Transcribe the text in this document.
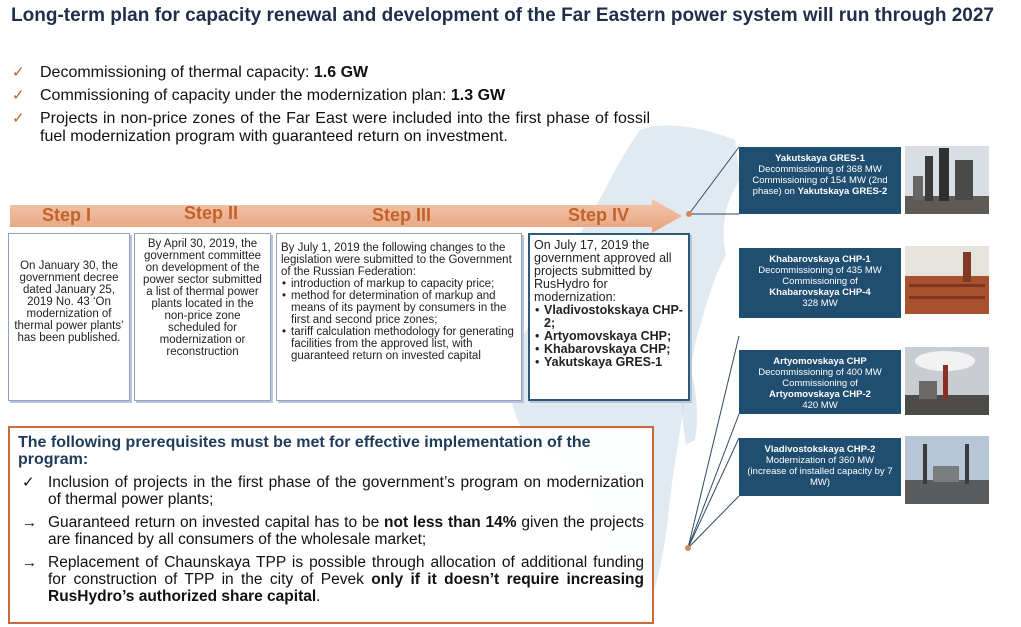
Long-term plan for capacity renewal and development of the Far Eastern power system will run through 2027
✓ Decommissioning of thermal capacity: 1.6 GW
✓ Commissioning of capacity under the modernization plan: 1.3 GW
✓ Projects in non-price zones of the Far East were included into the first phase of fossil fuel modernization program with guaranteed return on investment.
Step I	Step II	Step III	Step IV
On January 30, the government decree dated January 25, 2019 No. 43 ‘On modernization of thermal power plants’ has been published.
By April 30, 2019, the government committee on development of the power sector submitted a list of thermal power plants located in the non-price zone scheduled for modernization or reconstruction
By July 1, 2019 the following changes to the legislation were submitted to the Government of the Russian Federation:
• introduction of markup to capacity price;
• method for determination of markup and means of its payment by consumers in the first and second price zones;
• tariff calculation methodology for generating facilities from the approved list, with guaranteed return on invested capital
On July 17, 2019 the government approved all projects submitted by RusHydro for modernization:
• Vladivostokskaya CHP-2;
• Artyomovskaya CHP;
• Khabarovskaya CHP;
• Yakutskaya GRES-1
The following prerequisites must be met for effective implementation of the program:
✓ Inclusion of projects in the first phase of the government’s program on modernization of thermal power plants;
→ Guaranteed return on invested capital has to be not less than 14% given the projects are financed by all consumers of the wholesale market;
→ Replacement of Chaunskaya TPP is possible through allocation of additional funding for construction of TPP in the city of Pevek only if it doesn’t require increasing RusHydro’s authorized share capital.
Yakutskaya GRES-1
Decommissioning of 368 MW
Commissioning of 154 MW (2nd phase) on Yakutskaya GRES-2
Khabarovskaya CHP-1
Decommissioning of 435 MW
Commissioning of
Khabarovskaya CHP-4
328 MW
Artyomovskaya CHP
Decommissioning of 400 MW
Commissioning of
Artyomovskaya CHP-2
420 MW
Vladivostokskaya CHP-2
Modernization of 360 MW
(increase of installed capacity by 7 MW)
